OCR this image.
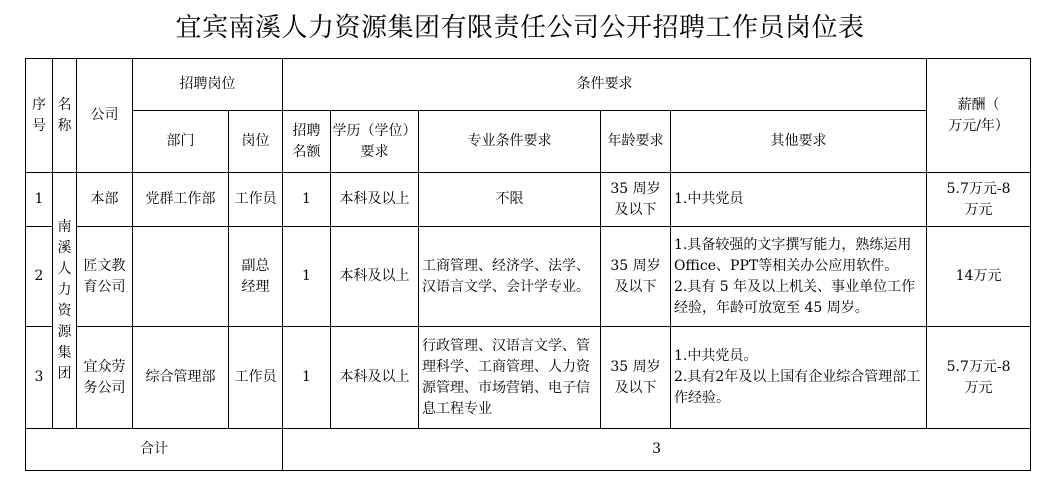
宜宾南溪人力资源集团有限责任公司公开招聘工作员岗位表
序号	名称	公司	招聘岗位		条件要求					薪酬（
万元/年）
			部门	岗位	招聘名额	学历（学位）要求	专业条件要求	年龄要求	其他要求	
1	南溪人力资源集团	本部	党群工作部	工作员	1	本科及以上	不限	35 周岁及以下	1.中共党员	5.7万元-8万元
2		匠文教育公司		副总经理	1	本科及以上	工商管理、经济学、法学、汉语言文学、会计学专业。	35 周岁及以下	1.具备较强的文字撰写能力，熟练运用Office、PPT等相关办公应用软件。
2.具有 5 年及以上机关、事业单位工作经验，年龄可放宽至 45 周岁。	14万元
3		宜众劳务公司	综合管理部	工作员	1	本科及以上	行政管理、汉语言文学、管理科学、工商管理、人力资源管理、市场营销、电子信息工程专业	35 周岁及以下	1.中共党员。
2.具有2年及以上国有企业综合管理部工作经验。	5.7万元-8万元
合计					3					
